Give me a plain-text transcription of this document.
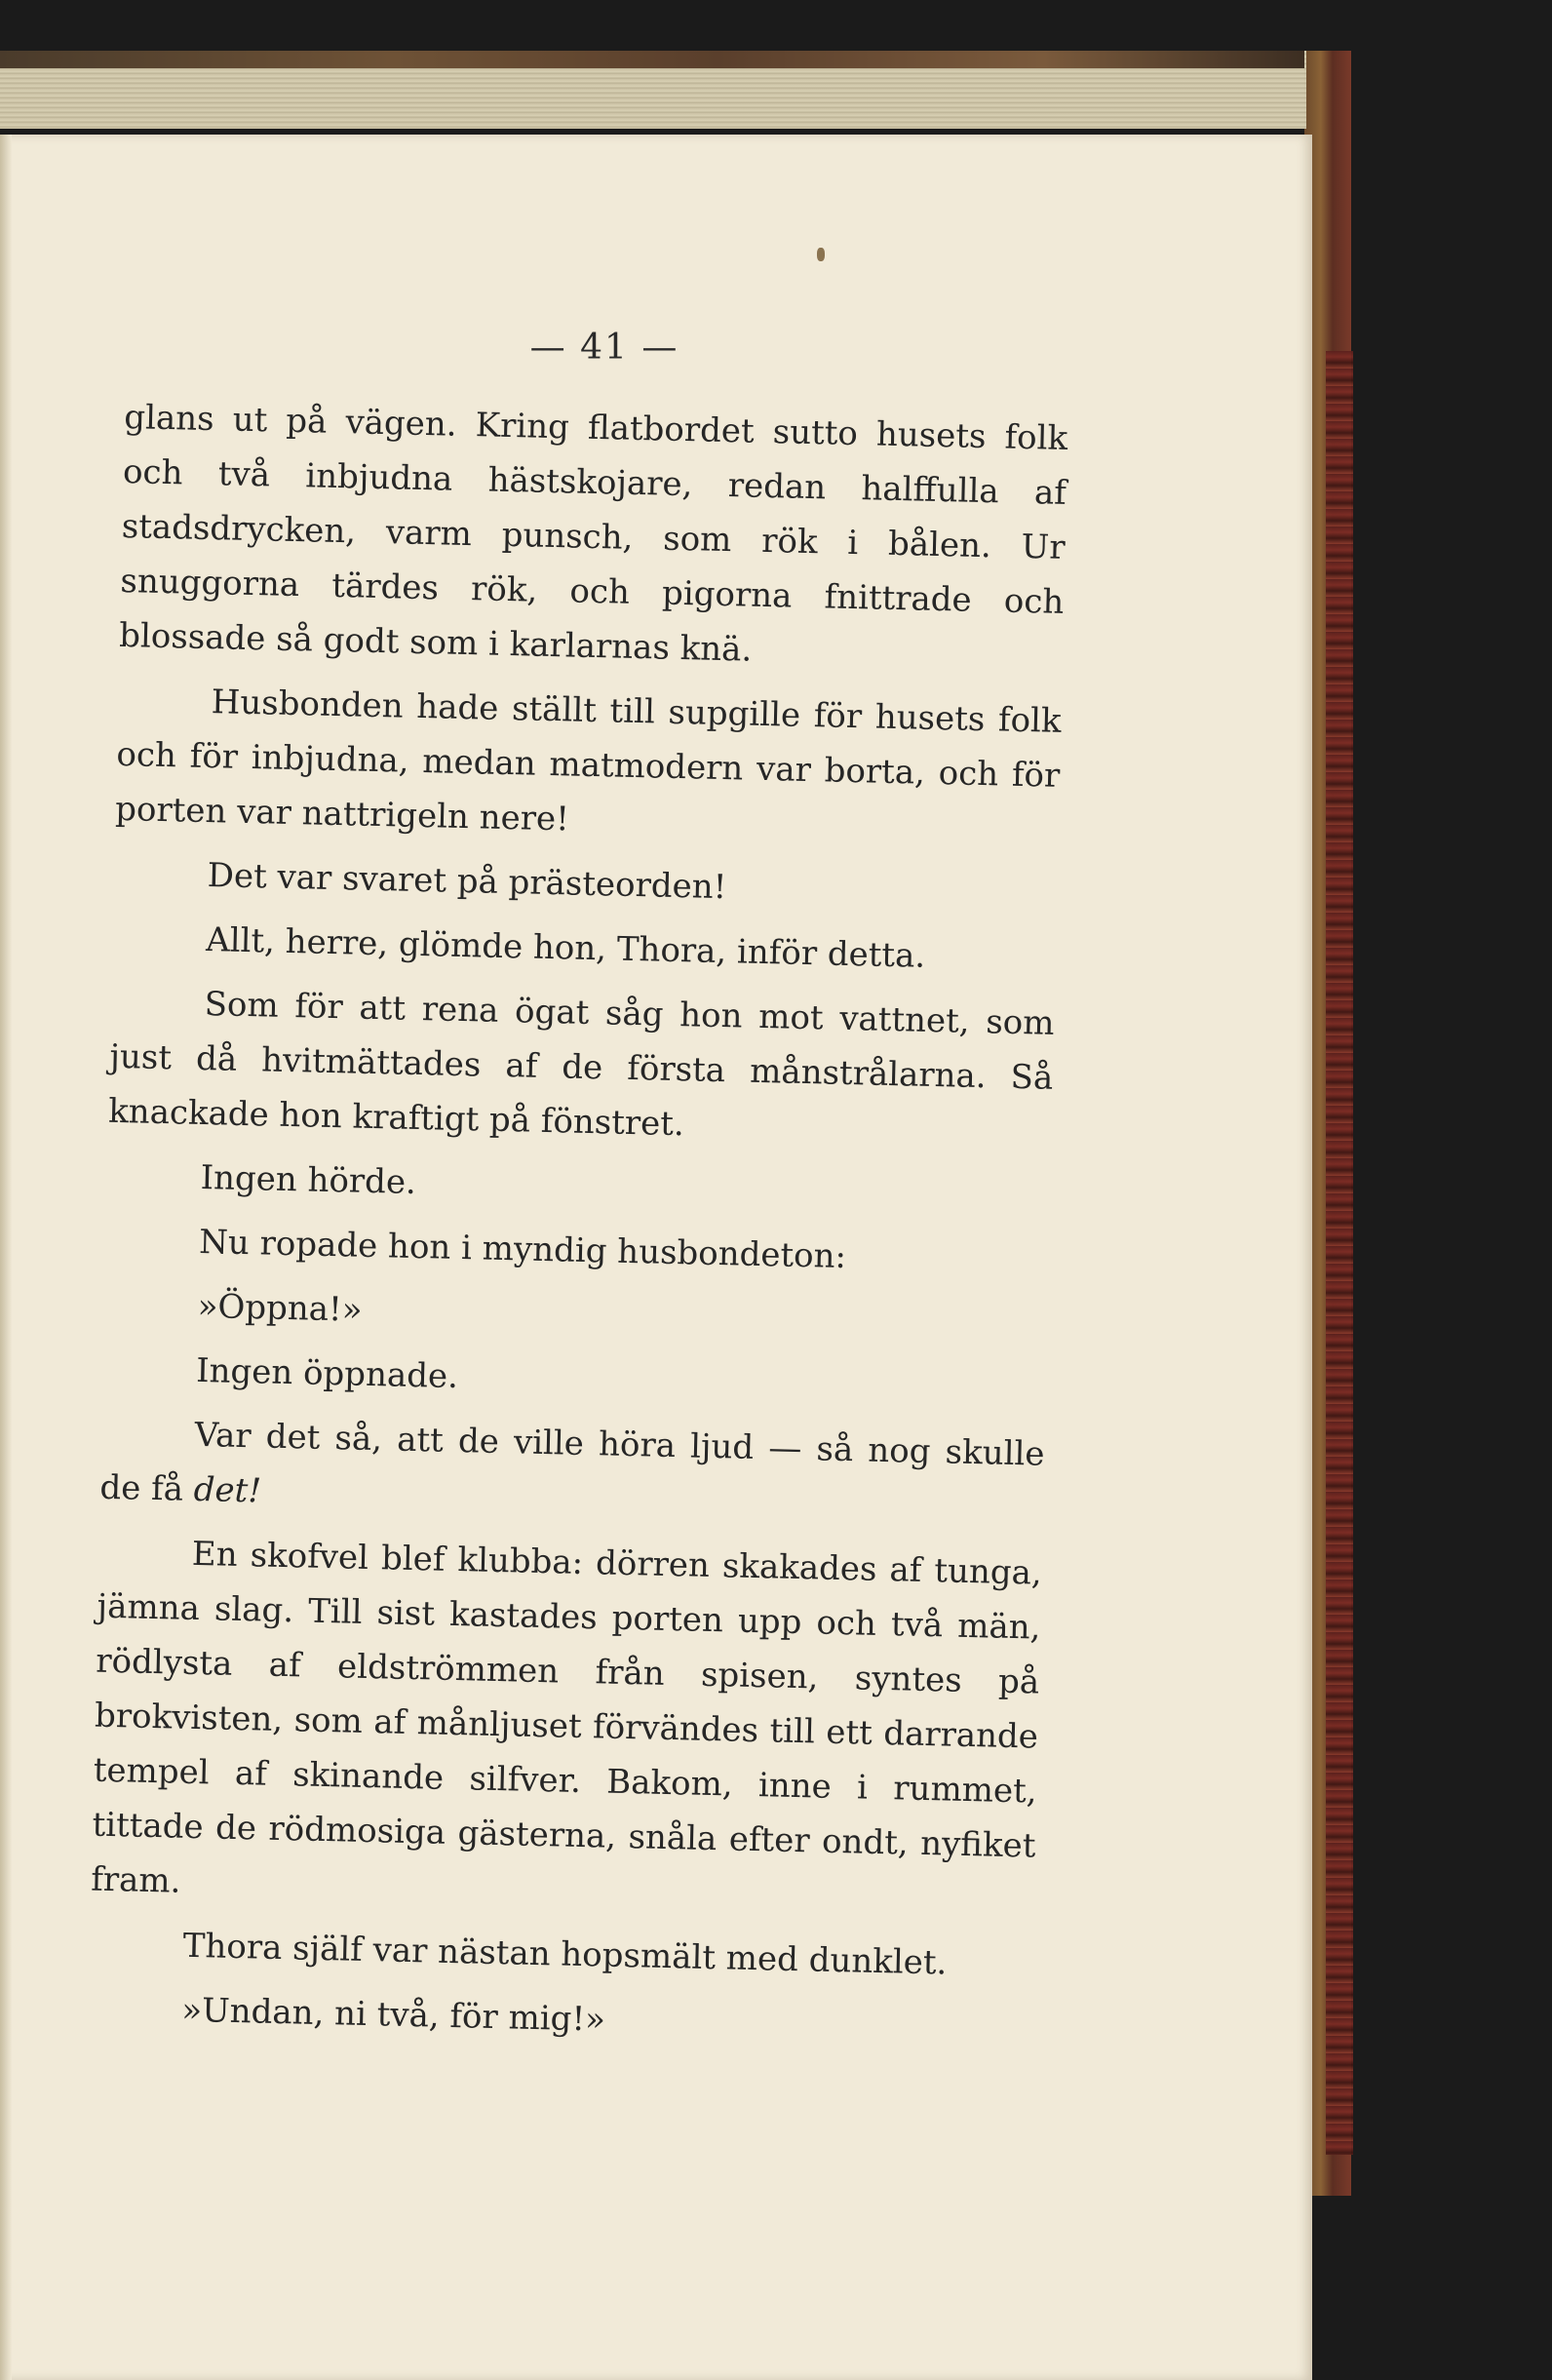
— 41 —

glans ut på vägen. Kring flatbordet sutto husets folk och två inbjudna hästskojare, redan halffulla af stadsdrycken, varm punsch, som rök i bålen. Ur snuggorna tärdes rök, och pigorna fnittrade och blossade så godt som i karlarnas knä.

Husbonden hade ställt till supgille för husets folk och för inbjudna, medan matmodern var borta, och för porten var nattrigeln nere!

Det var svaret på prästeorden!

Allt, herre, glömde hon, Thora, inför detta.

Som för att rena ögat såg hon mot vattnet, som just då hvitmättades af de första månstrålarna. Så knackade hon kraftigt på fönstret.

Ingen hörde.

Nu ropade hon i myndig husbondeton:

»Öppna!»

Ingen öppnade.

Var det så, att de ville höra ljud — så nog skulle de få det!

En skofvel blef klubba: dörren skakades af tunga, jämna slag. Till sist kastades porten upp och två män, rödlysta af eldströmmen från spisen, syntes på brokvisten, som af månljuset förvändes till ett darrande tempel af skinande silfver. Bakom, inne i rummet, tittade de rödmosiga gästerna, snåla efter ondt, nyfiket fram.

Thora själf var nästan hopsmält med dunklet.

»Undan, ni två, för mig!»
